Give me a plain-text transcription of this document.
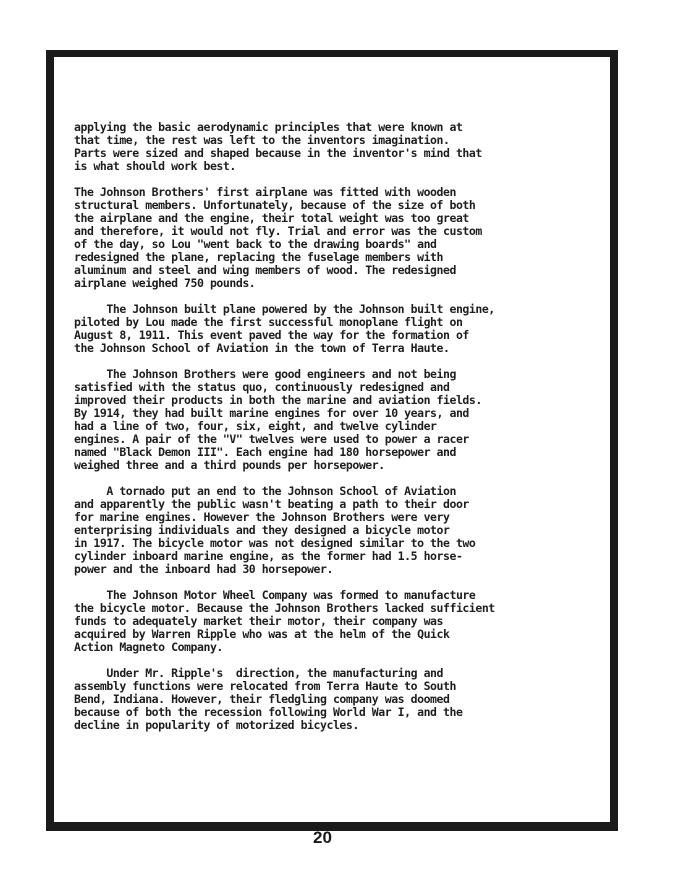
applying the basic aerodynamic principles that were known at
that time, the rest was left to the inventors imagination.
Parts were sized and shaped because in the inventor's mind that
is what should work best.

The Johnson Brothers' first airplane was fitted with wooden
structural members. Unfortunately, because of the size of both
the airplane and the engine, their total weight was too great
and therefore, it would not fly. Trial and error was the custom
of the day, so Lou "went back to the drawing boards" and
redesigned the plane, replacing the fuselage members with
aluminum and steel and wing members of wood. The redesigned
airplane weighed 750 pounds.

The Johnson built plane powered by the Johnson built engine,
piloted by Lou made the first successful monoplane flight on
August 8, 1911. This event paved the way for the formation of
the Johnson School of Aviation in the town of Terra Haute.

The Johnson Brothers were good engineers and not being
satisfied with the status quo, continuously redesigned and
improved their products in both the marine and aviation fields.
By 1914, they had built marine engines for over 10 years, and
had a line of two, four, six, eight, and twelve cylinder
engines. A pair of the "V" twelves were used to power a racer
named "Black Demon III". Each engine had 180 horsepower and
weighed three and a third pounds per horsepower.

A tornado put an end to the Johnson School of Aviation
and apparently the public wasn't beating a path to their door
for marine engines. However the Johnson Brothers were very
enterprising individuals and they designed a bicycle motor
in 1917. The bicycle motor was not designed similar to the two
cylinder inboard marine engine, as the former had 1.5 horse-
power and the inboard had 30 horsepower.

The Johnson Motor Wheel Company was formed to manufacture
the bicycle motor. Because the Johnson Brothers lacked sufficient
funds to adequately market their motor, their company was
acquired by Warren Ripple who was at the helm of the Quick
Action Magneto Company.

Under Mr. Ripple's  direction, the manufacturing and
assembly functions were relocated from Terra Haute to South
Bend, Indiana. However, their fledgling company was doomed
because of both the recession following World War I, and the
decline in popularity of motorized bicycles.

20
